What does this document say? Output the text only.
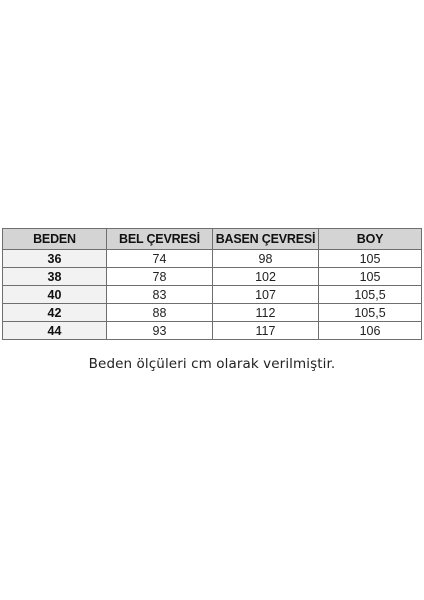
BEDEN	BEL ÇEVRESİ	BASEN ÇEVRESİ	BOY
36	74	98	105
38	78	102	105
40	83	107	105,5
42	88	112	105,5
44	93	117	106
Beden ölçüleri cm olarak verilmiştir.
